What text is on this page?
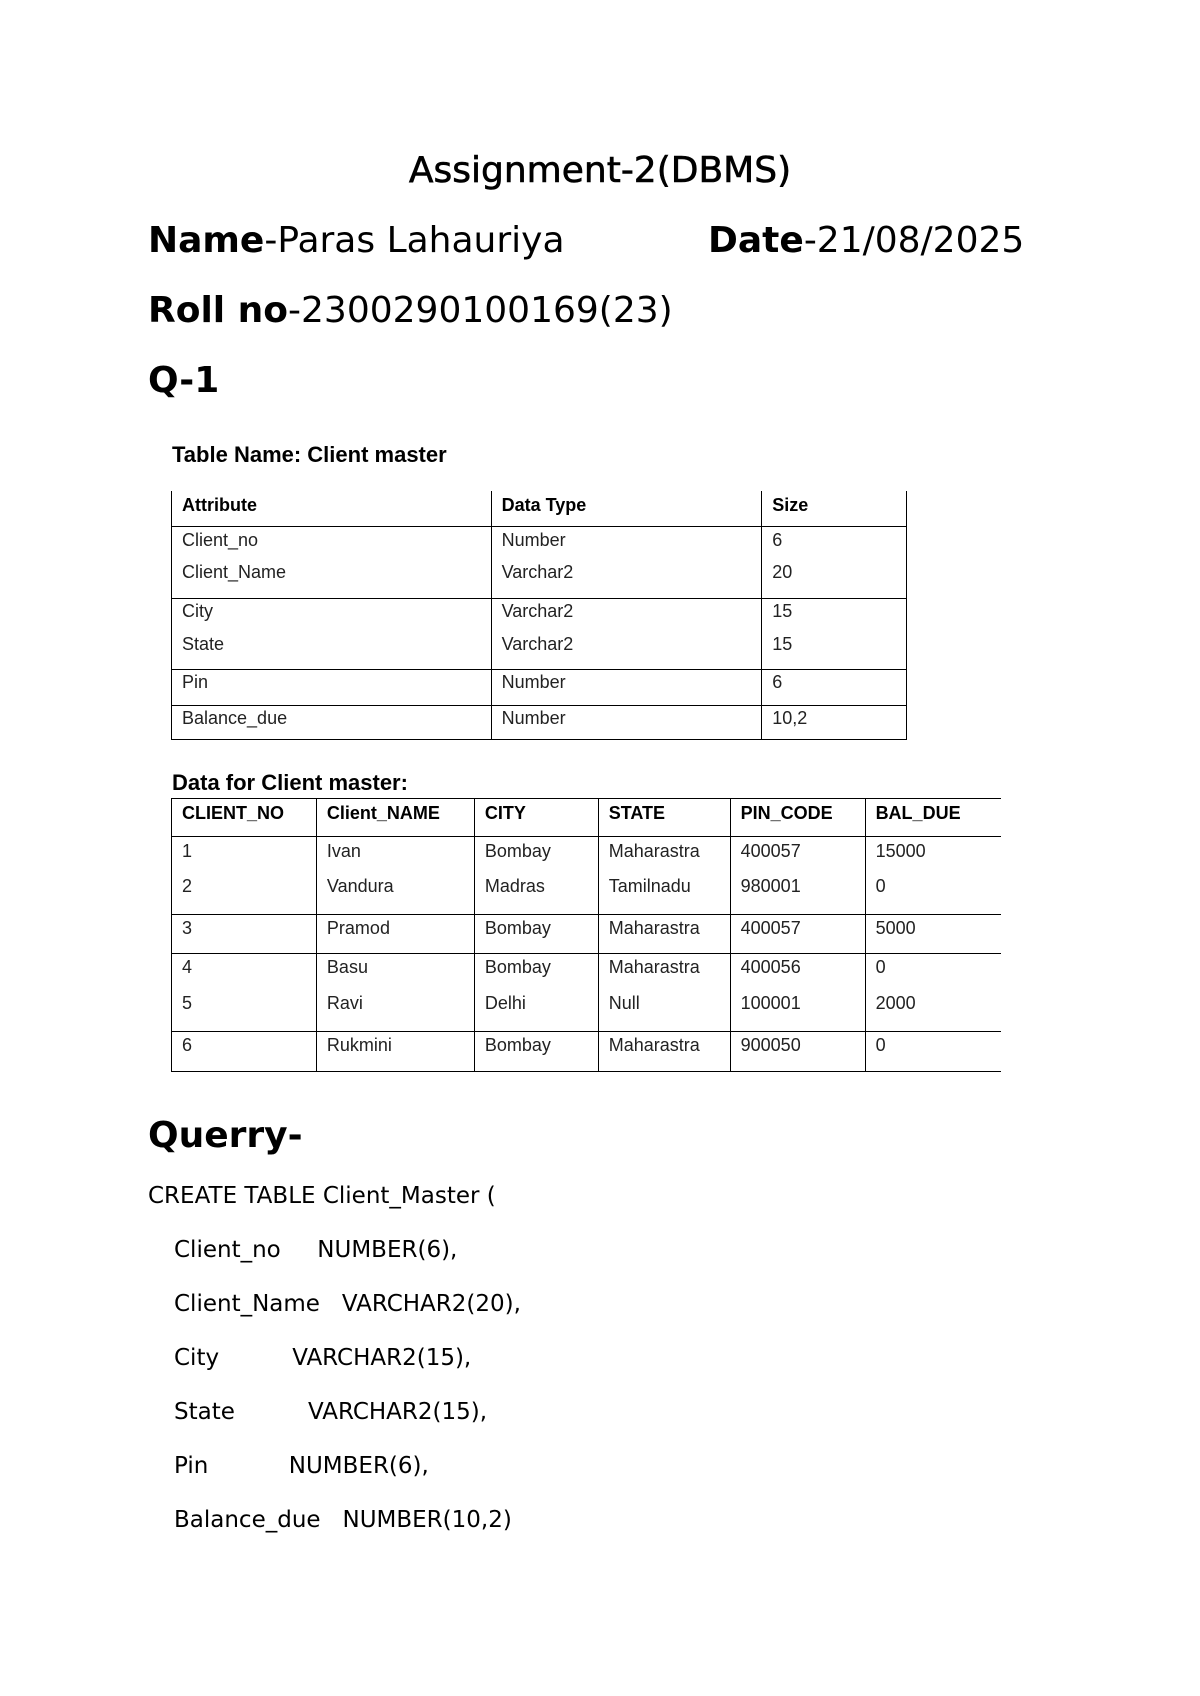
Assignment-2(DBMS)
Name-Paras Lahauriya	Date-21/08/2025
Roll no-2300290100169(23)
Q-1
Table Name: Client master
Attribute	Data Type	Size
Client_no	Number	6
Client_Name	Varchar2	20
City	Varchar2	15
State	Varchar2	15
Pin	Number	6
Balance_due	Number	10,2
Data for Client master:
CLIENT_NO	Client_NAME	CITY	STATE	PIN_CODE	BAL_DUE
1	Ivan	Bombay	Maharastra	400057	15000
2	Vandura	Madras	Tamilnadu	980001	0
3	Pramod	Bombay	Maharastra	400057	5000
4	Basu	Bombay	Maharastra	400056	0
5	Ravi	Delhi	Null	100001	2000
6	Rukmini	Bombay	Maharastra	900050	0
Querry-
CREATE TABLE Client_Master (
Client_no     NUMBER(6),
Client_Name   VARCHAR2(20),
City          VARCHAR2(15),
State          VARCHAR2(15),
Pin           NUMBER(6),
Balance_due   NUMBER(10,2)
